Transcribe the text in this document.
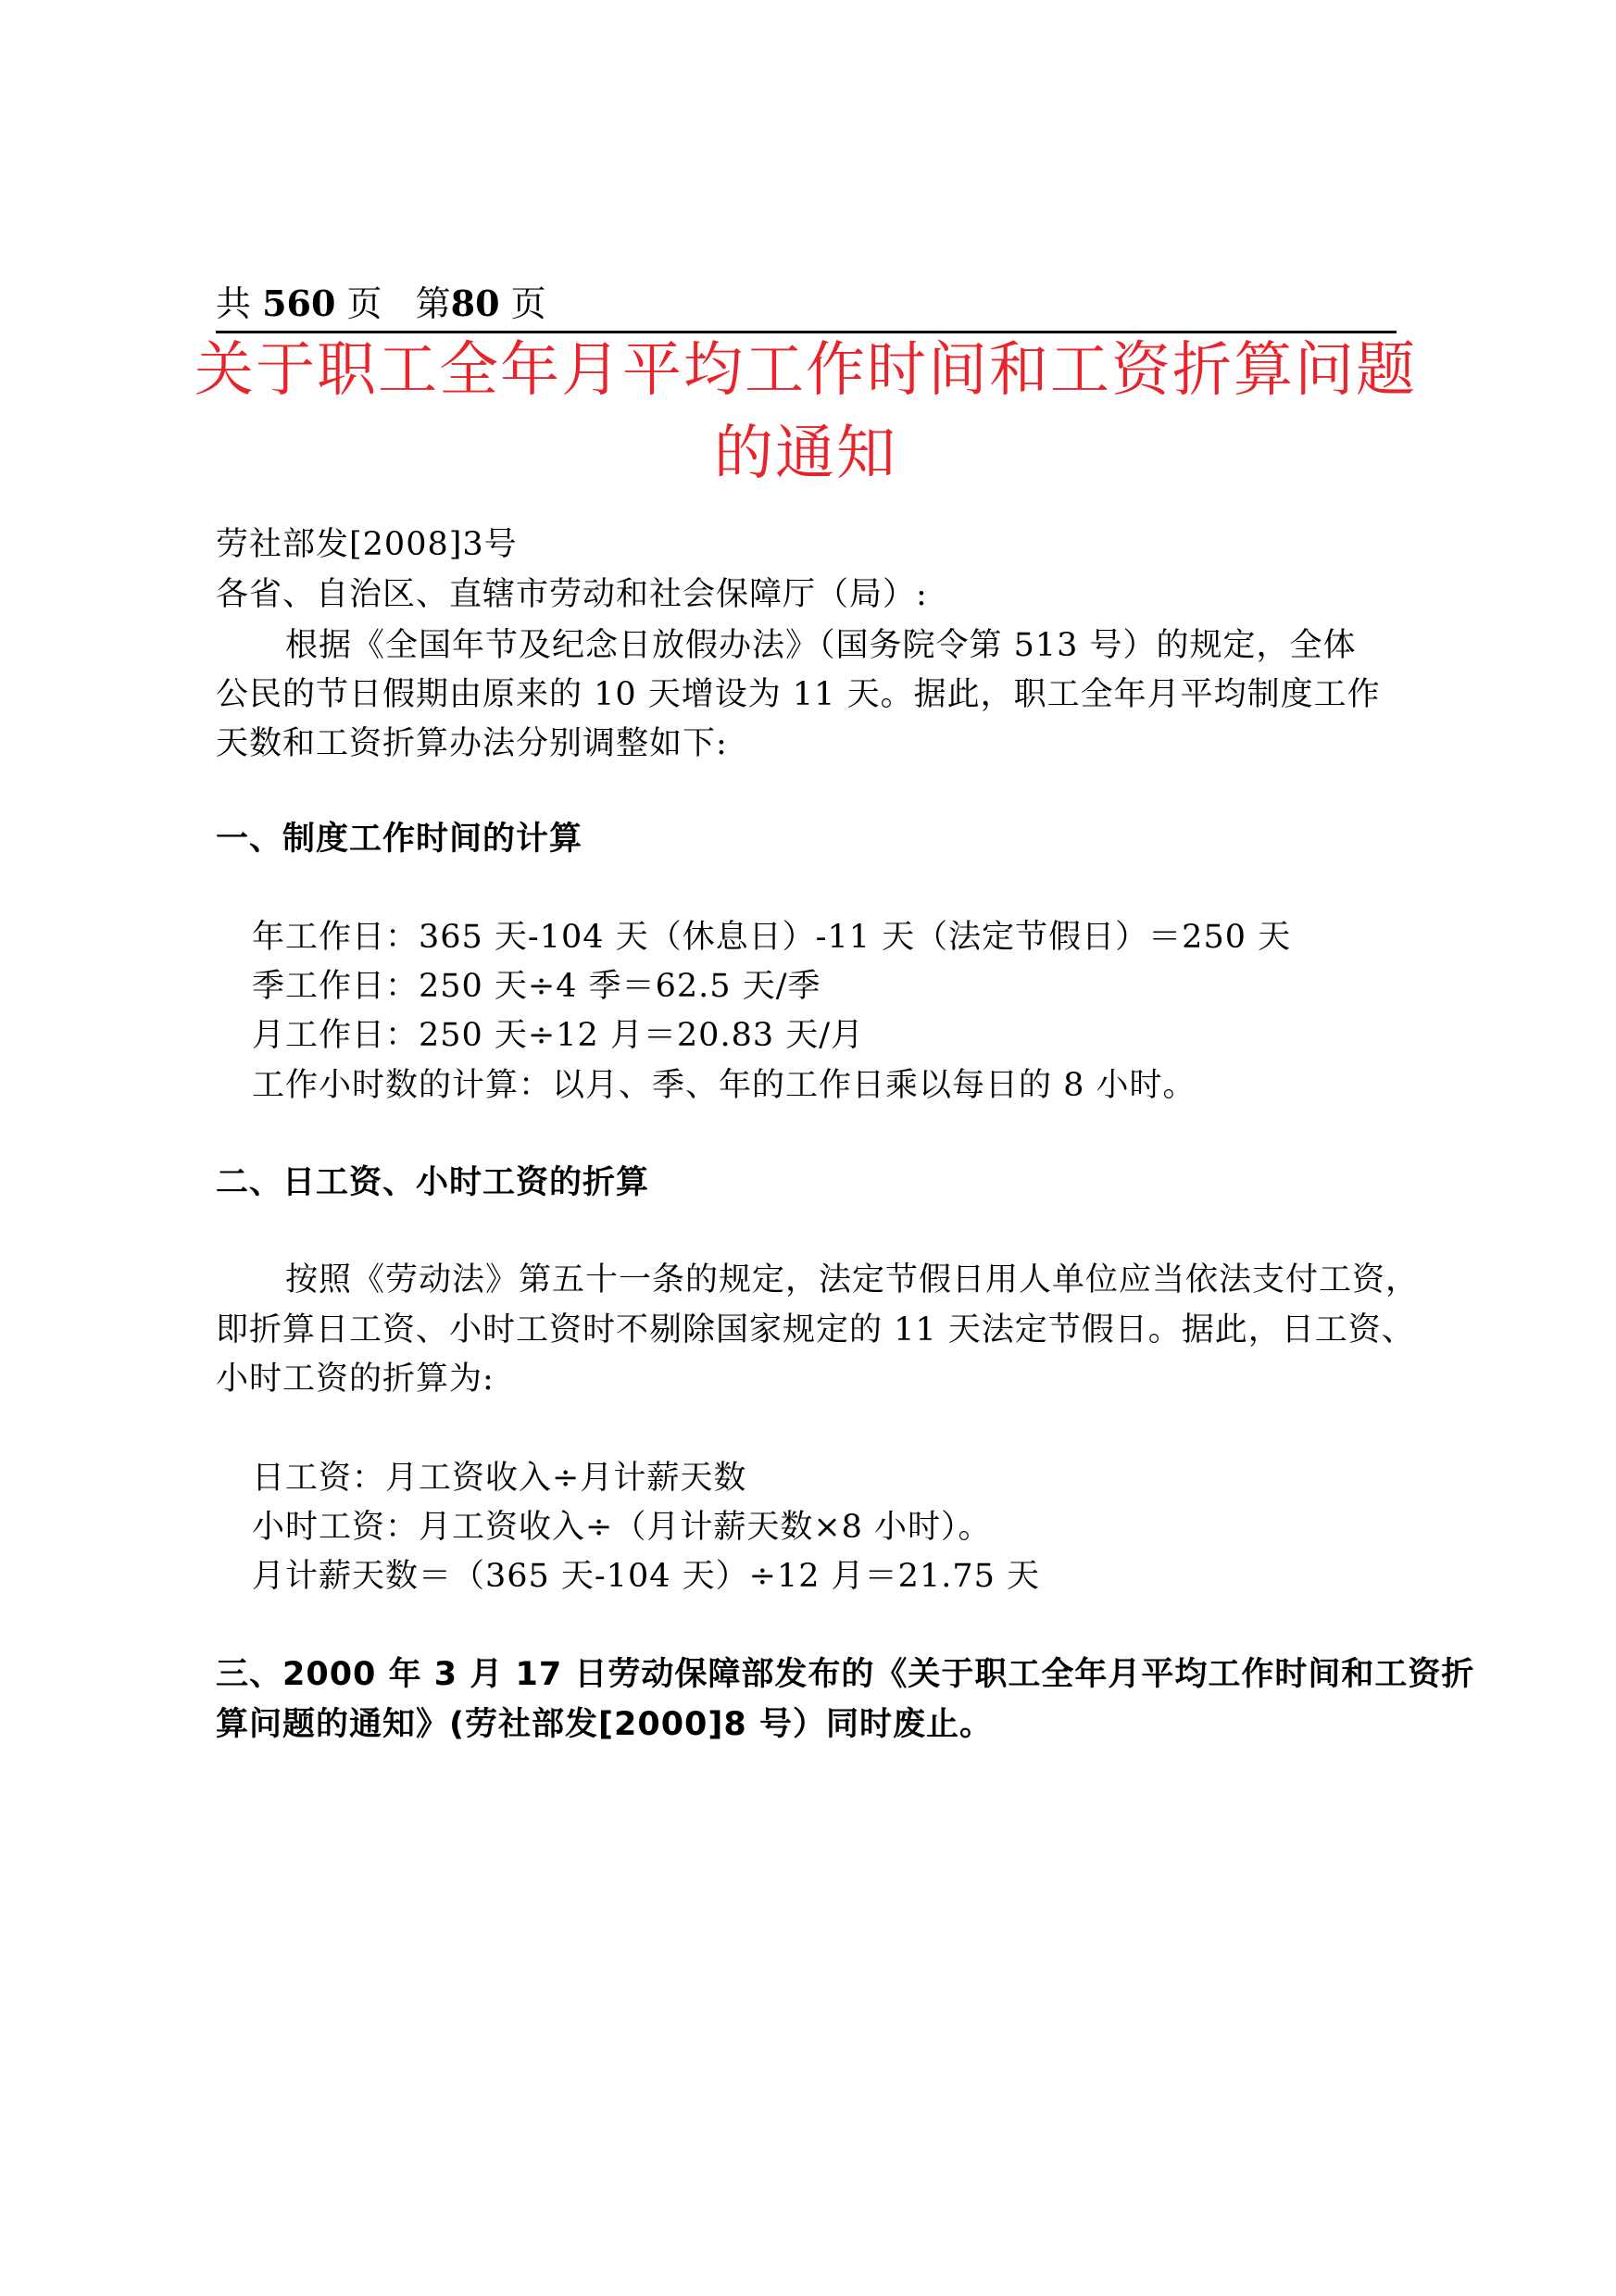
共 560 页 第80 页
关于职工全年月平均工作时间和工资折算问题
的通知
劳社部发[2008]3号
各省、自治区、直辖市劳动和社会保障厅（局）:
根据《全国年节及纪念日放假办法》（国务院令第 513 号）的规定，全体
公民的节日假期由原来的 10 天增设为 11 天。据此，职工全年月平均制度工作
天数和工资折算办法分别调整如下:
一、制度工作时间的计算
年工作日：365 天-104 天（休息日）-11 天（法定节假日）＝250 天
季工作日：250 天÷4 季＝62.5 天/季
月工作日：250 天÷12 月＝20.83 天/月
工作小时数的计算：以月、季、年的工作日乘以每日的 8 小时。
二、日工资、小时工资的折算
按照《劳动法》第五十一条的规定，法定节假日用人单位应当依法支付工资，
即折算日工资、小时工资时不剔除国家规定的 11 天法定节假日。据此，日工资、
小时工资的折算为:
日工资：月工资收入÷月计薪天数
小时工资：月工资收入÷（月计薪天数×8 小时）。
月计薪天数＝（365 天-104 天）÷12 月＝21.75 天
三、2000 年 3 月 17 日劳动保障部发布的《关于职工全年月平均工作时间和工资折
算问题的通知》(劳社部发[2000]8 号）同时废止。
